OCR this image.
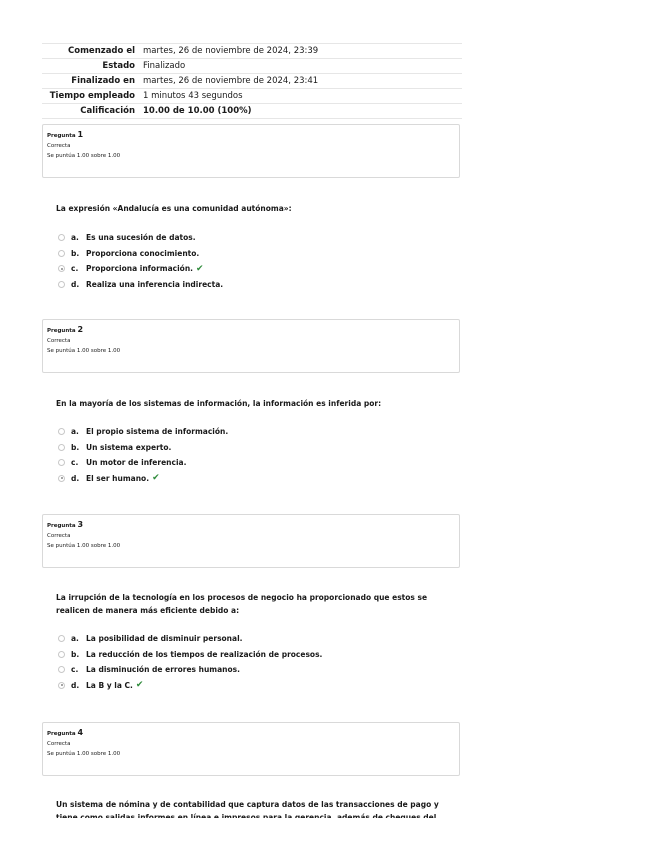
Comenzado el martes, 26 de noviembre de 2024, 23:39
Estado Finalizado
Finalizado en martes, 26 de noviembre de 2024, 23:41
Tiempo empleado 1 minutos 43 segundos
Calificación 10.00 de 10.00 (100%)
Pregunta 1
Correcta
Se puntúa 1.00 sobre 1.00
La expresión «Andalucía es una comunidad autónoma»:
a. Es una sucesión de datos.
b. Proporciona conocimiento.
c.	Proporciona información. ✔
d. Realiza una inferencia indirecta.
Pregunta 2
Correcta
Se puntúa 1.00 sobre 1.00
En la mayoría de los sistemas de información, la información es inferida por:
a. El propio sistema de información.
b. Un sistema experto.
c.	Un motor de inferencia.
d. El ser humano. ✔
Pregunta 3
Correcta
Se puntúa 1.00 sobre 1.00
La irrupción de la tecnología en los procesos de negocio ha proporcionado que estos se realicen de manera más eficiente debido a:
a. La posibilidad de disminuir personal.
b. La reducción de los tiempos de realización de procesos.
c.	La disminución de errores humanos.
d. La B y la C. ✔
Pregunta 4
Correcta
Se puntúa 1.00 sobre 1.00
Un sistema de nómina y de contabilidad que captura datos de las transacciones de pago y
